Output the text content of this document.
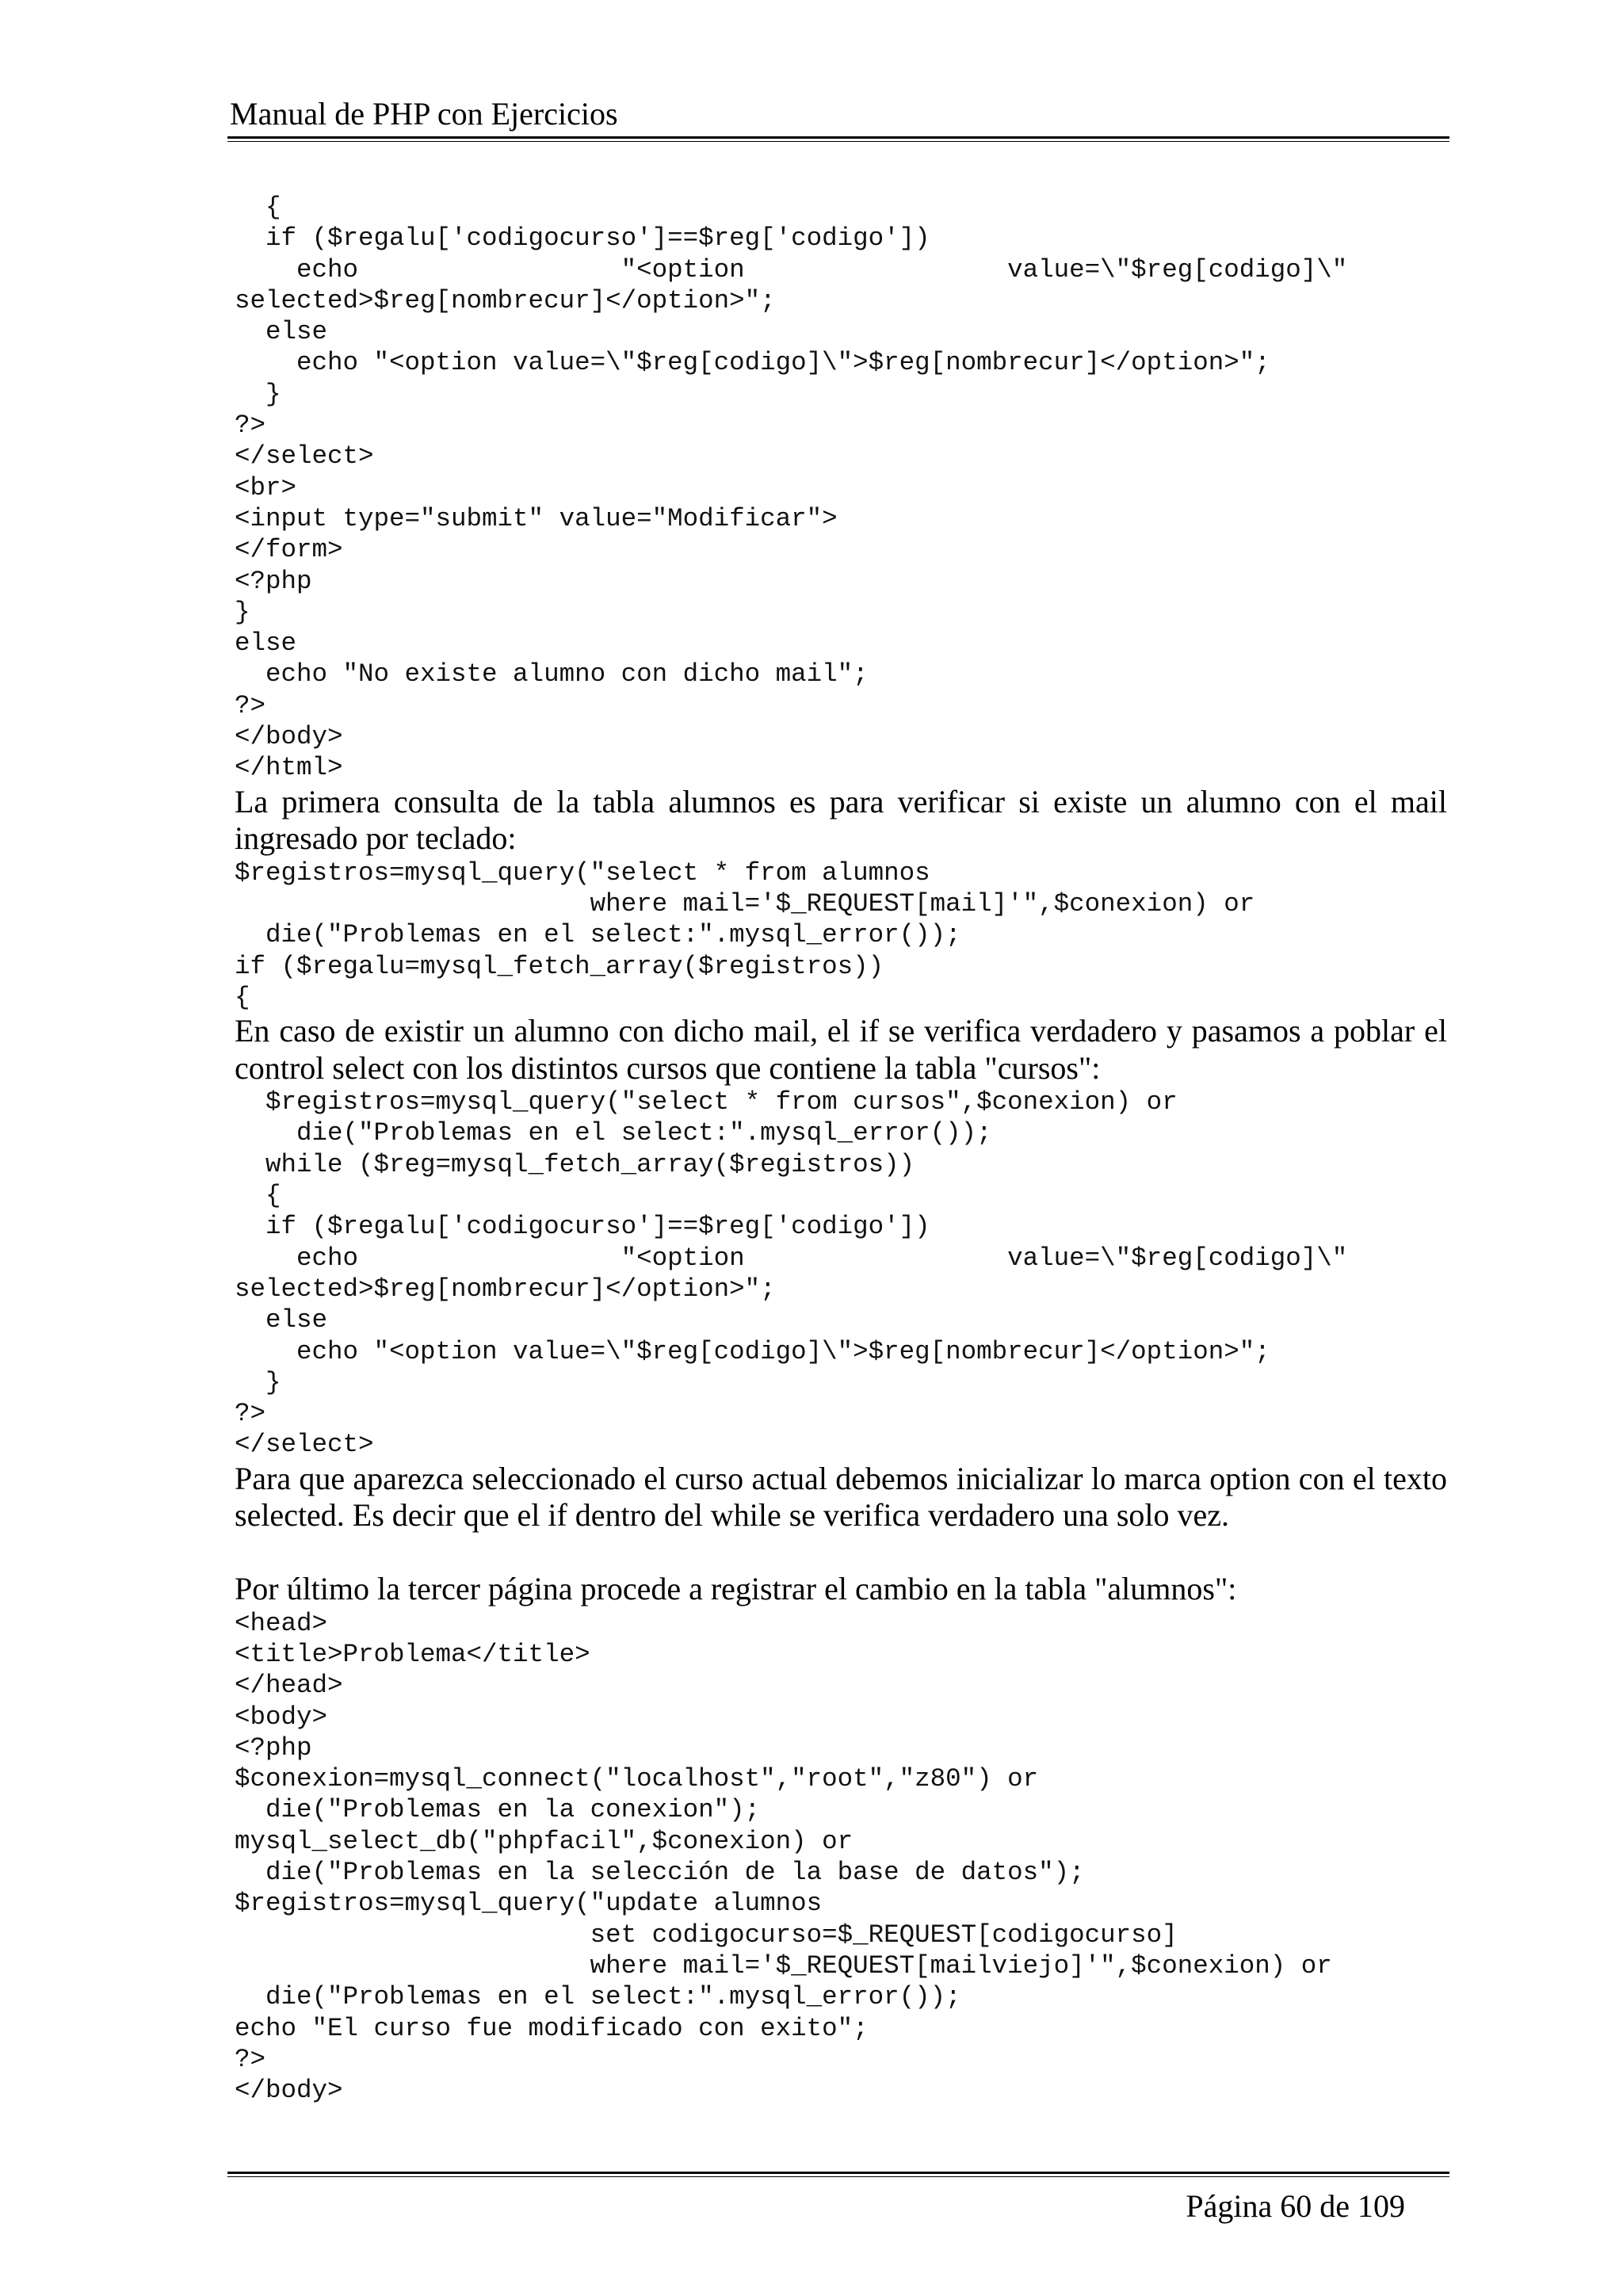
Manual de PHP con Ejercicios
{
if ($regalu['codigocurso']==$reg['codigo'])
echo                 "<option                 value=\"$reg[codigo]\"
selected>$reg[nombrecur]</option>";
else
echo "<option value=\"$reg[codigo]\">$reg[nombrecur]</option>";
}
?>
</select>
<br>
<input type="submit" value="Modificar">
</form>
<?php
}
else
echo "No existe alumno con dicho mail";
?>
</body>
</html>

La primera consulta de la tabla alumnos es para verificar si existe un alumno con el mail ingresado por teclado:

$registros=mysql_query("select * from alumnos
where mail='$_REQUEST[mail]'",$conexion) or
die("Problemas en el select:".mysql_error());
if ($regalu=mysql_fetch_array($registros))
{

En caso de existir un alumno con dicho mail, el if se verifica verdadero y pasamos a poblar el control select con los distintos cursos que contiene la tabla "cursos":

$registros=mysql_query("select * from cursos",$conexion) or
die("Problemas en el select:".mysql_error());
while ($reg=mysql_fetch_array($registros))
{
if ($regalu['codigocurso']==$reg['codigo'])
echo                 "<option                 value=\"$reg[codigo]\"
selected>$reg[nombrecur]</option>";
else
echo "<option value=\"$reg[codigo]\">$reg[nombrecur]</option>";
}
?>
</select>

Para que aparezca seleccionado el curso actual debemos inicializar lo marca option con el texto selected. Es decir que el if dentro del while se verifica verdadero una solo vez.

Por último la tercer página procede a registrar el cambio en la tabla "alumnos":

<head>
<title>Problema</title>
</head>
<body>
<?php
$conexion=mysql_connect("localhost","root","z80") or
die("Problemas en la conexion");
mysql_select_db("phpfacil",$conexion) or
die("Problemas en la selección de la base de datos");
$registros=mysql_query("update alumnos
set codigocurso=$_REQUEST[codigocurso]
where mail='$_REQUEST[mailviejo]'",$conexion) or
die("Problemas en el select:".mysql_error());
echo "El curso fue modificado con exito";
?>
</body>
Página 60 de 109
